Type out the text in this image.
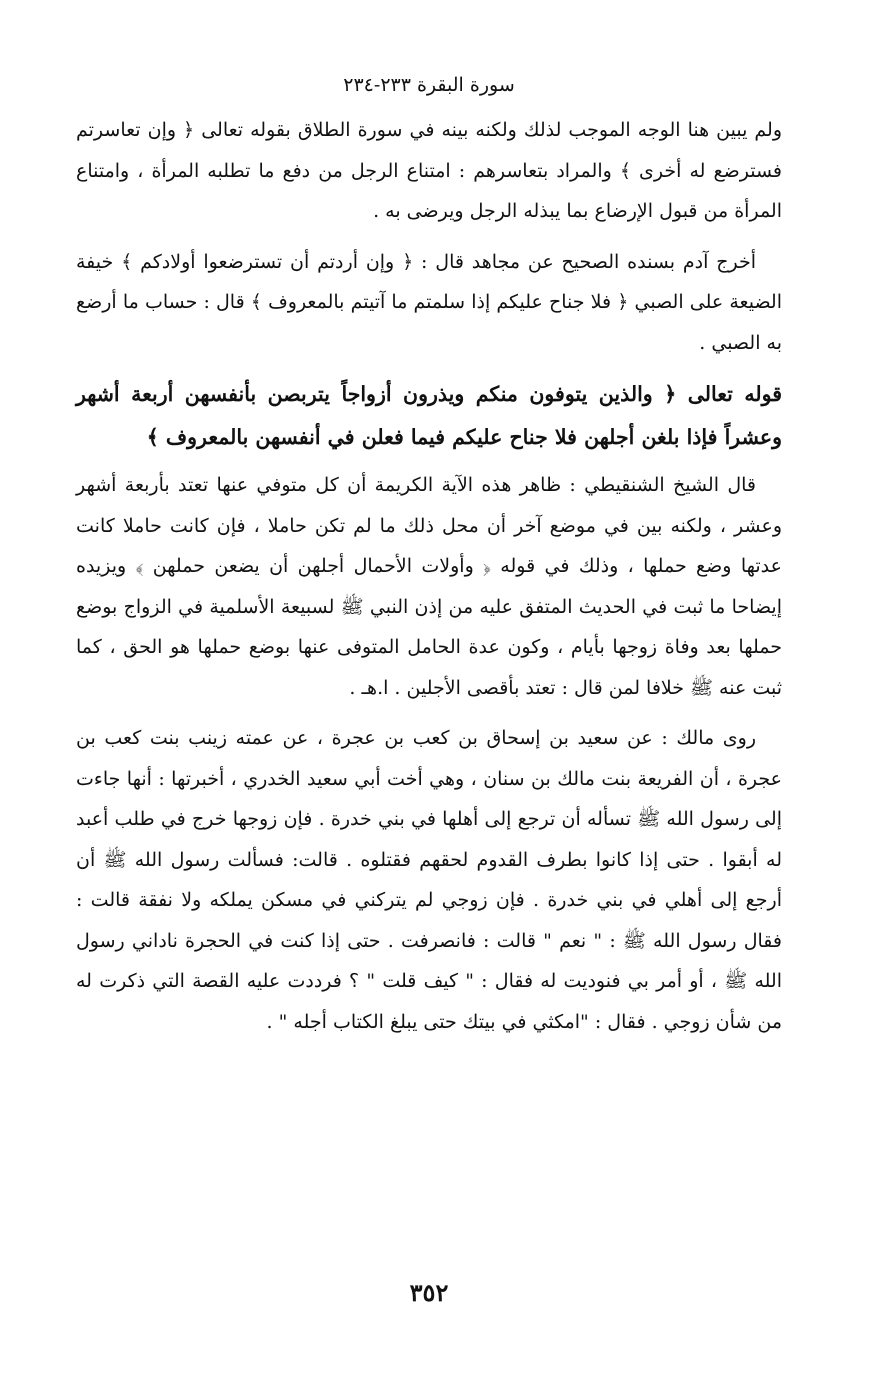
سورة البقرة ٢٣٣-٢٣٤

ولم يبين هنا الوجه الموجب لذلك ولكنه بينه في سورة الطلاق بقوله تعالى ﴿ وإن تعاسرتم فسترضع له أخرى ﴾ والمراد بتعاسرهم : امتناع الرجل من دفع ما تطلبه المرأة ، وامتناع المرأة من قبول الإرضاع بما يبذله الرجل ويرضى به .

أخرج آدم بسنده الصحيح عن مجاهد قال : ﴿ وإن أردتم أن تسترضعوا أولادكم ﴾ خيفة الضيعة على الصبي ﴿ فلا جناح عليكم إذا سلمتم ما آتيتم بالمعروف ﴾ قال : حساب ما أرضع به الصبي .

قوله تعالى ﴿ والذين يتوفون منكم ويذرون أزواجاً يتربصن بأنفسهن أربعة أشهر وعشراً فإذا بلغن أجلهن فلا جناح عليكم فيما فعلن في أنفسهن بالمعروف ﴾

قال الشيخ الشنقيطي : ظاهر هذه الآية الكريمة أن كل متوفي عنها تعتد بأربعة أشهر وعشر ، ولكنه بين في موضع آخر أن محل ذلك ما لم تكن حاملا ، فإن كانت حاملا كانت عدتها وضع حملها ، وذلك في قوله ﴿ وأولات الأحمال أجلهن أن يضعن حملهن ﴾ ويزيده إيضاحا ما ثبت في الحديث المتفق عليه من إذن النبي ﷺ لسبيعة الأسلمية في الزواج بوضع حملها بعد وفاة زوجها بأيام ، وكون عدة الحامل المتوفى عنها بوضع حملها هو الحق ، كما ثبت عنه ﷺ خلافا لمن قال : تعتد بأقصى الأجلين . ا.هـ .

روى مالك : عن سعيد بن إسحاق بن كعب بن عجرة ، عن عمته زينب بنت كعب بن عجرة ، أن الفريعة بنت مالك بن سنان ، وهي أخت أبي سعيد الخدري ، أخبرتها : أنها جاءت إلى رسول الله ﷺ تسأله أن ترجع إلى أهلها في بني خدرة . فإن زوجها خرج في طلب أعبد له أبقوا . حتى إذا كانوا بطرف القدوم لحقهم فقتلوه . قالت: فسألت رسول الله ﷺ أن أرجع إلى أهلي في بني خدرة . فإن زوجي لم يتركني في مسكن يملكه ولا نفقة قالت : فقال رسول الله ﷺ : " نعم " قالت : فانصرفت . حتى إذا كنت في الحجرة ناداني رسول الله ﷺ ، أو أمر بي فنوديت له فقال : " كيف قلت " ؟ فرددت عليه القصة التي ذكرت له من شأن زوجي . فقال : "امكثي في بيتك حتى يبلغ الكتاب أجله " .

٣٥٢
